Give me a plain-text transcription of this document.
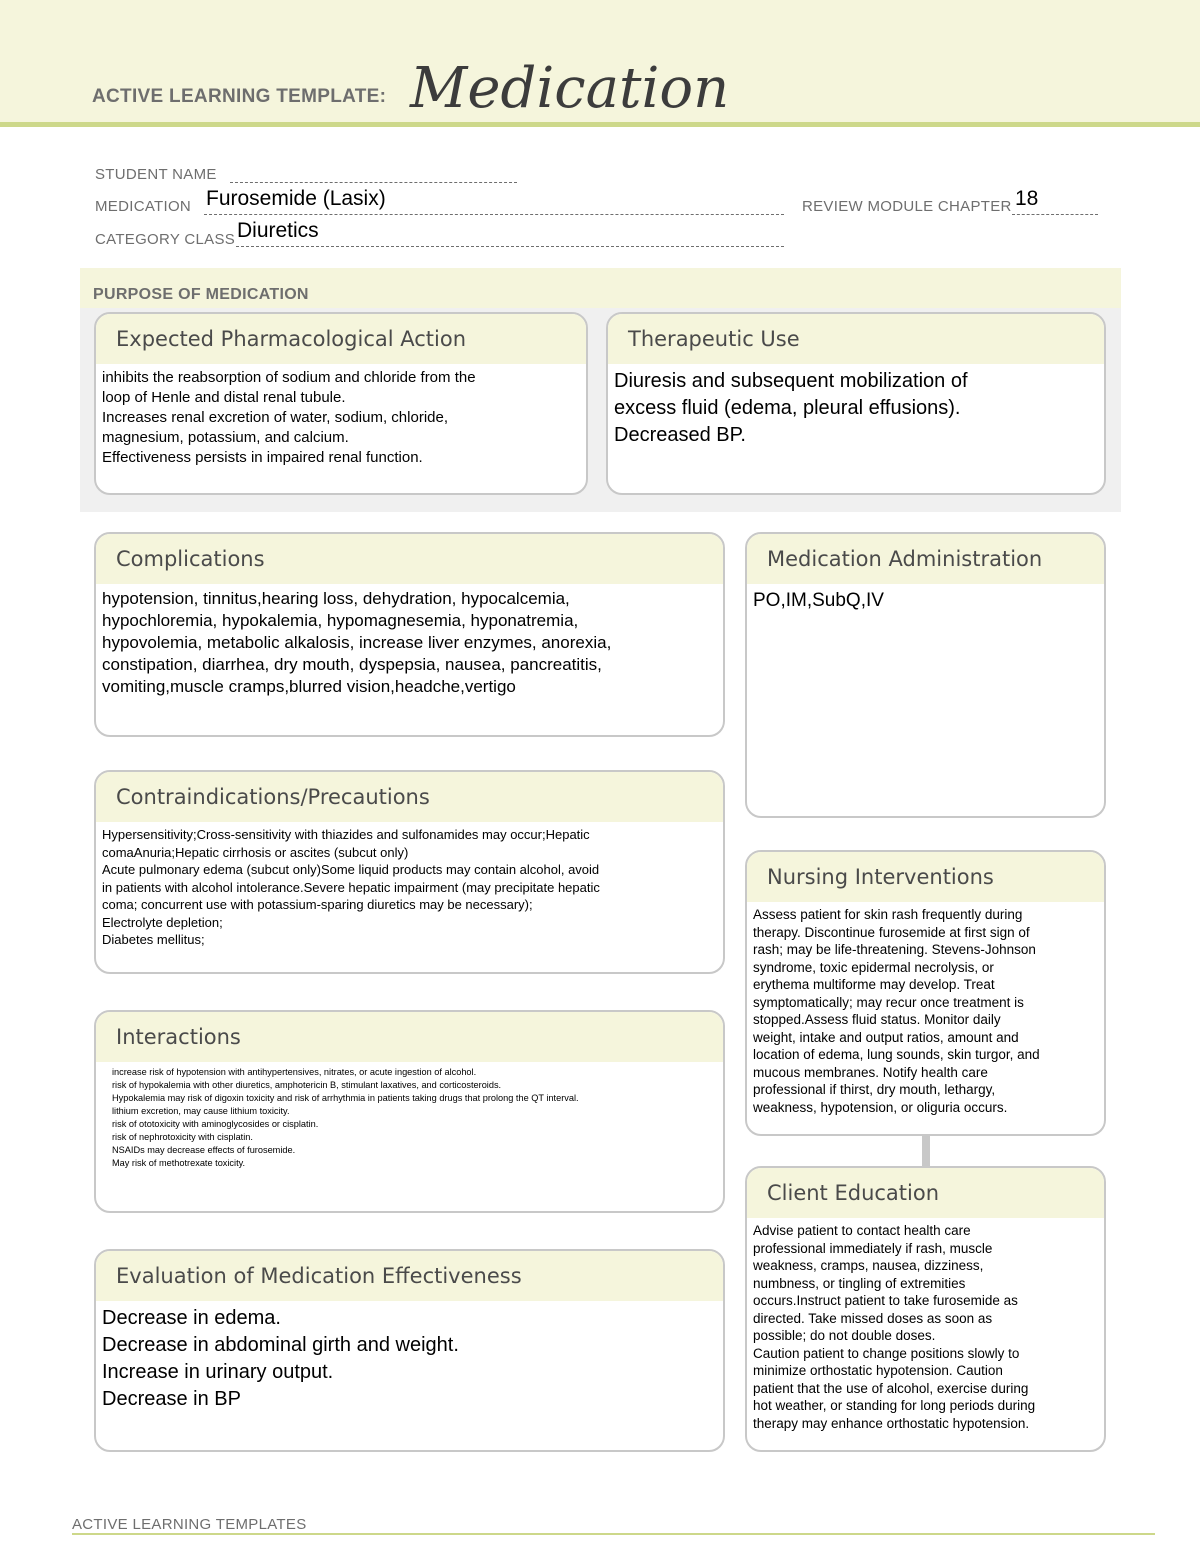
ACTIVE LEARNING TEMPLATE: Medication
STUDENT NAME
MEDICATION Furosemide (Lasix)	REVIEW MODULE CHAPTER 18
CATEGORY CLASS Diuretics
PURPOSE OF MEDICATION
Expected Pharmacological Action
inhibits the reabsorption of sodium and chloride from the
loop of Henle and distal renal tubule.
Increases renal excretion of water, sodium, chloride,
magnesium, potassium, and calcium.
Effectiveness persists in impaired renal function.
Therapeutic Use
Diuresis and subsequent mobilization of
excess fluid (edema, pleural effusions).
Decreased BP.
Complications
hypotension, tinnitus,hearing loss, dehydration, hypocalcemia,
hypochloremia, hypokalemia, hypomagnesemia, hyponatremia,
hypovolemia, metabolic alkalosis, increase liver enzymes, anorexia,
constipation, diarrhea, dry mouth, dyspepsia, nausea, pancreatitis,
vomiting,muscle cramps,blurred vision,headche,vertigo
Medication Administration
PO,IM,SubQ,IV
Contraindications/Precautions
Hypersensitivity;Cross-sensitivity with thiazides and sulfonamides may occur;Hepatic
comaAnuria;Hepatic cirrhosis or ascites (subcut only)
Acute pulmonary edema (subcut only)Some liquid products may contain alcohol, avoid
in patients with alcohol intolerance.Severe hepatic impairment (may precipitate hepatic
coma; concurrent use with potassium-sparing diuretics may be necessary);
Electrolyte depletion;
Diabetes mellitus;
Nursing Interventions
Assess patient for skin rash frequently during
therapy. Discontinue furosemide at first sign of
rash; may be life-threatening. Stevens-Johnson
syndrome, toxic epidermal necrolysis, or
erythema multiforme may develop. Treat
symptomatically; may recur once treatment is
stopped.Assess fluid status. Monitor daily
weight, intake and output ratios, amount and
location of edema, lung sounds, skin turgor, and
mucous membranes. Notify health care
professional if thirst, dry mouth, lethargy,
weakness, hypotension, or oliguria occurs.
Interactions
increase risk of hypotension with antihypertensives, nitrates, or acute ingestion of alcohol.
risk of hypokalemia with other diuretics, amphotericin B, stimulant laxatives, and corticosteroids.
Hypokalemia may risk of digoxin toxicity and risk of arrhythmia in patients taking drugs that prolong the QT interval.
lithium excretion, may cause lithium toxicity.
risk of ototoxicity with aminoglycosides or cisplatin.
risk of nephrotoxicity with cisplatin.
NSAIDs may decrease effects of furosemide.
May risk of methotrexate toxicity.
Client Education
Advise patient to contact health care
professional immediately if rash, muscle
weakness, cramps, nausea, dizziness,
numbness, or tingling of extremities
occurs.Instruct patient to take furosemide as
directed. Take missed doses as soon as
possible; do not double doses.
Caution patient to change positions slowly to
minimize orthostatic hypotension. Caution
patient that the use of alcohol, exercise during
hot weather, or standing for long periods during
therapy may enhance orthostatic hypotension.
Evaluation of Medication Effectiveness
Decrease in edema.
Decrease in abdominal girth and weight.
Increase in urinary output.
Decrease in BP
ACTIVE LEARNING TEMPLATES
